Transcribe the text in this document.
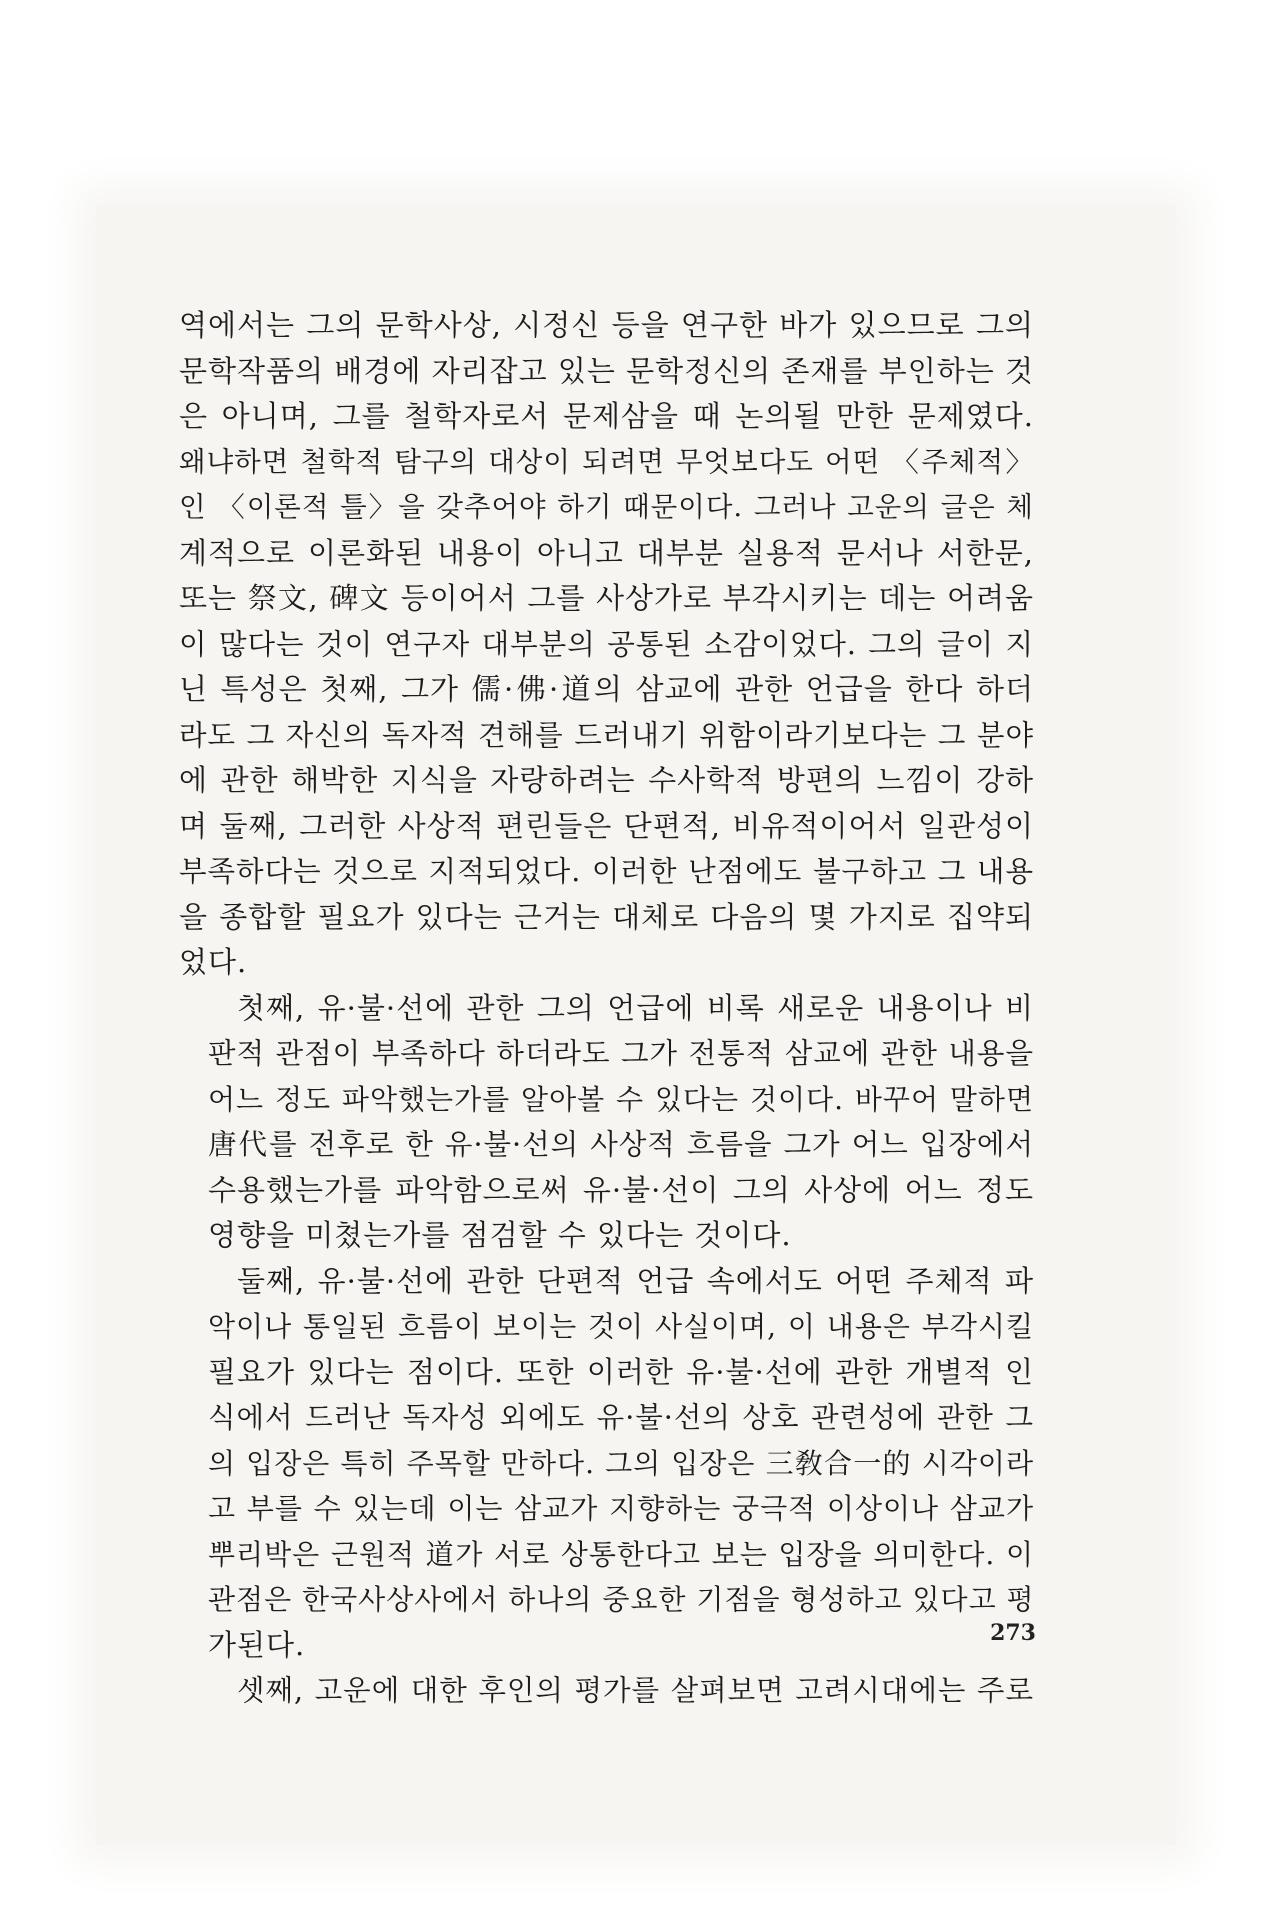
역에서는 그의 문학사상, 시정신 등을 연구한 바가 있으므로 그의
문학작품의 배경에 자리잡고 있는 문학정신의 존재를 부인하는 것
은 아니며, 그를 철학자로서 문제삼을 때 논의될 만한 문제였다.
왜냐하면 철학적 탐구의 대상이 되려면 무엇보다도 어떤 〈주체적〉
인 〈이론적 틀〉을 갖추어야 하기 때문이다. 그러나 고운의 글은 체
계적으로 이론화된 내용이 아니고 대부분 실용적 문서나 서한문,
또는 祭文, 碑文 등이어서 그를 사상가로 부각시키는 데는 어려움
이 많다는 것이 연구자 대부분의 공통된 소감이었다. 그의 글이 지
닌 특성은 첫째, 그가 儒·佛·道의 삼교에 관한 언급을 한다 하더
라도 그 자신의 독자적 견해를 드러내기 위함이라기보다는 그 분야
에 관한 해박한 지식을 자랑하려는 수사학적 방편의 느낌이 강하
며 둘째, 그러한 사상적 편린들은 단편적, 비유적이어서 일관성이
부족하다는 것으로 지적되었다. 이러한 난점에도 불구하고 그 내용
을 종합할 필요가 있다는 근거는 대체로 다음의 몇 가지로 집약되
었다.
첫째, 유·불·선에 관한 그의 언급에 비록 새로운 내용이나 비
판적 관점이 부족하다 하더라도 그가 전통적 삼교에 관한 내용을
어느 정도 파악했는가를 알아볼 수 있다는 것이다. 바꾸어 말하면
唐代를 전후로 한 유·불·선의 사상적 흐름을 그가 어느 입장에서
수용했는가를 파악함으로써 유·불·선이 그의 사상에 어느 정도
영향을 미쳤는가를 점검할 수 있다는 것이다.
둘째, 유·불·선에 관한 단편적 언급 속에서도 어떤 주체적 파
악이나 통일된 흐름이 보이는 것이 사실이며, 이 내용은 부각시킬
필요가 있다는 점이다. 또한 이러한 유·불·선에 관한 개별적 인
식에서 드러난 독자성 외에도 유·불·선의 상호 관련성에 관한 그
의 입장은 특히 주목할 만하다. 그의 입장은 三敎合一的 시각이라
고 부를 수 있는데 이는 삼교가 지향하는 궁극적 이상이나 삼교가
뿌리박은 근원적 道가 서로 상통한다고 보는 입장을 의미한다. 이
관점은 한국사상사에서 하나의 중요한 기점을 형성하고 있다고 평
가된다.
셋째, 고운에 대한 후인의 평가를 살펴보면 고려시대에는 주로
273
